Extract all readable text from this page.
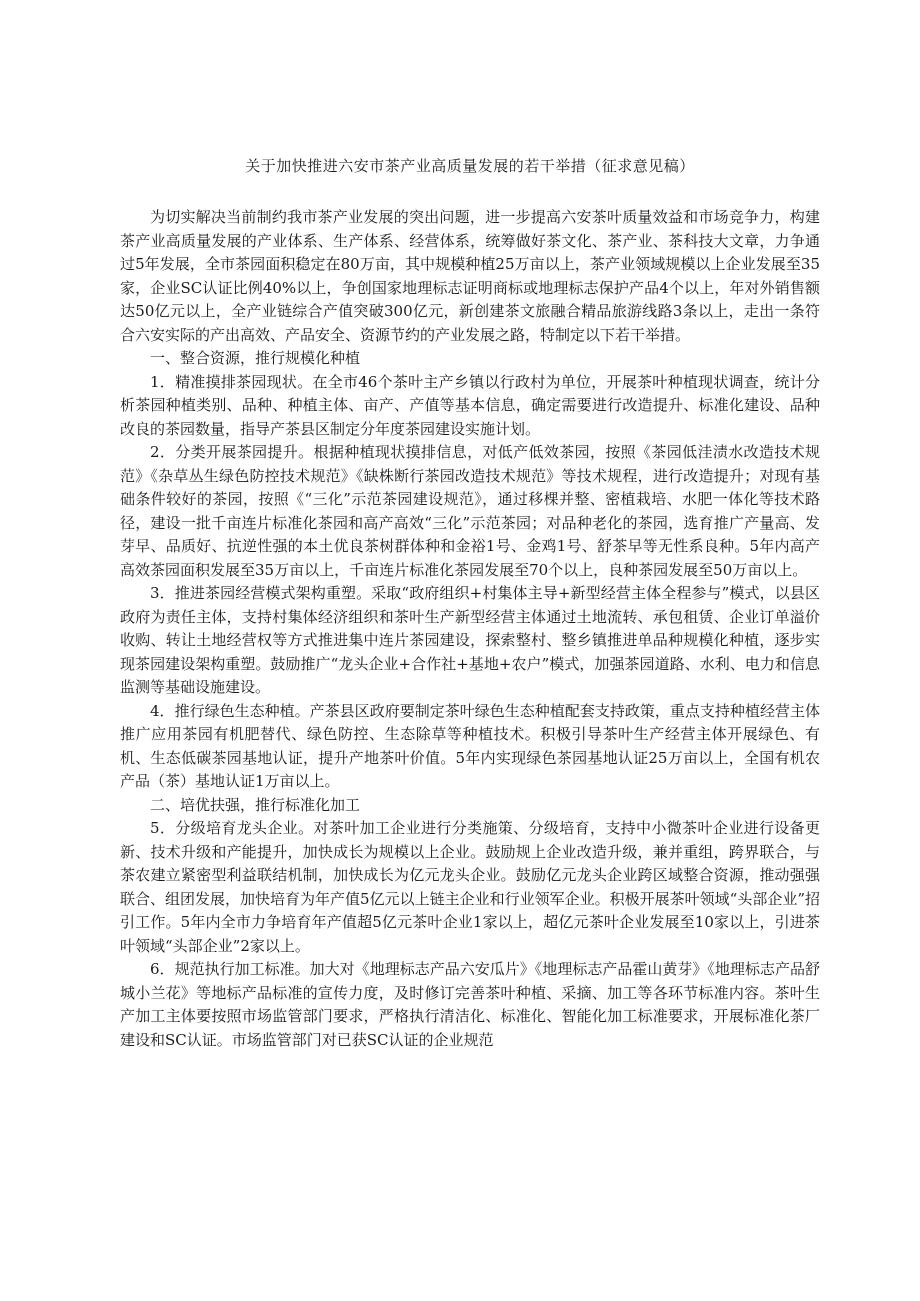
关于加快推进六安市茶产业高质量发展的若干举措（征求意见稿）

为切实解决当前制约我市茶产业发展的突出问题，进一步提高六安茶叶质量效益和市场竞争力，构建茶产业高质量发展的产业体系、生产体系、经营体系，统筹做好茶文化、茶产业、茶科技大文章，力争通过5年发展，全市茶园面积稳定在80万亩，其中规模种植25万亩以上，茶产业领域规模以上企业发展至35家，企业SC认证比例40%以上，争创国家地理标志证明商标或地理标志保护产品4个以上，年对外销售额达50亿元以上，全产业链综合产值突破300亿元，新创建茶文旅融合精品旅游线路3条以上，走出一条符合六安实际的产出高效、产品安全、资源节约的产业发展之路，特制定以下若干举措。

一、整合资源，推行规模化种植

1．精准摸排茶园现状。在全市46个茶叶主产乡镇以行政村为单位，开展茶叶种植现状调查，统计分析茶园种植类别、品种、种植主体、亩产、产值等基本信息，确定需要进行改造提升、标准化建设、品种改良的茶园数量，指导产茶县区制定分年度茶园建设实施计划。

2．分类开展茶园提升。根据种植现状摸排信息，对低产低效茶园，按照《茶园低洼渍水改造技术规范》《杂草丛生绿色防控技术规范》《缺株断行茶园改造技术规范》等技术规程，进行改造提升；对现有基础条件较好的茶园，按照《“三化”示范茶园建设规范》，通过移棵并整、密植栽培、水肥一体化等技术路径，建设一批千亩连片标准化茶园和高产高效“三化”示范茶园；对品种老化的茶园，选育推广产量高、发芽早、品质好、抗逆性强的本土优良茶树群体种和金裕1号、金鸡1号、舒茶早等无性系良种。5年内高产高效茶园面积发展至35万亩以上，千亩连片标准化茶园发展至70个以上，良种茶园发展至50万亩以上。

3．推进茶园经营模式架构重塑。采取“政府组织+村集体主导+新型经营主体全程参与”模式，以县区政府为责任主体，支持村集体经济组织和茶叶生产新型经营主体通过土地流转、承包租赁、企业订单溢价收购、转让土地经营权等方式推进集中连片茶园建设，探索整村、整乡镇推进单品种规模化种植，逐步实现茶园建设架构重塑。鼓励推广“龙头企业+合作社+基地+农户”模式，加强茶园道路、水利、电力和信息监测等基础设施建设。

4．推行绿色生态种植。产茶县区政府要制定茶叶绿色生态种植配套支持政策，重点支持种植经营主体推广应用茶园有机肥替代、绿色防控、生态除草等种植技术。积极引导茶叶生产经营主体开展绿色、有机、生态低碳茶园基地认证，提升产地茶叶价值。5年内实现绿色茶园基地认证25万亩以上，全国有机农产品（茶）基地认证1万亩以上。

二、培优扶强，推行标准化加工

5．分级培育龙头企业。对茶叶加工企业进行分类施策、分级培育，支持中小微茶叶企业进行设备更新、技术升级和产能提升，加快成长为规模以上企业。鼓励规上企业改造升级，兼并重组，跨界联合，与茶农建立紧密型利益联结机制，加快成长为亿元龙头企业。鼓励亿元龙头企业跨区域整合资源，推动强强联合、组团发展，加快培育为年产值5亿元以上链主企业和行业领军企业。积极开展茶叶领域“头部企业”招引工作。5年内全市力争培育年产值超5亿元茶叶企业1家以上，超亿元茶叶企业发展至10家以上，引进茶叶领域“头部企业”2家以上。

6．规范执行加工标准。加大对《地理标志产品六安瓜片》《地理标志产品霍山黄芽》《地理标志产品舒城小兰花》等地标产品标准的宣传力度，及时修订完善茶叶种植、采摘、加工等各环节标准内容。茶叶生产加工主体要按照市场监管部门要求，严格执行清洁化、标准化、智能化加工标准要求，开展标准化茶厂建设和SC认证。市场监管部门对已获SC认证的企业规范
